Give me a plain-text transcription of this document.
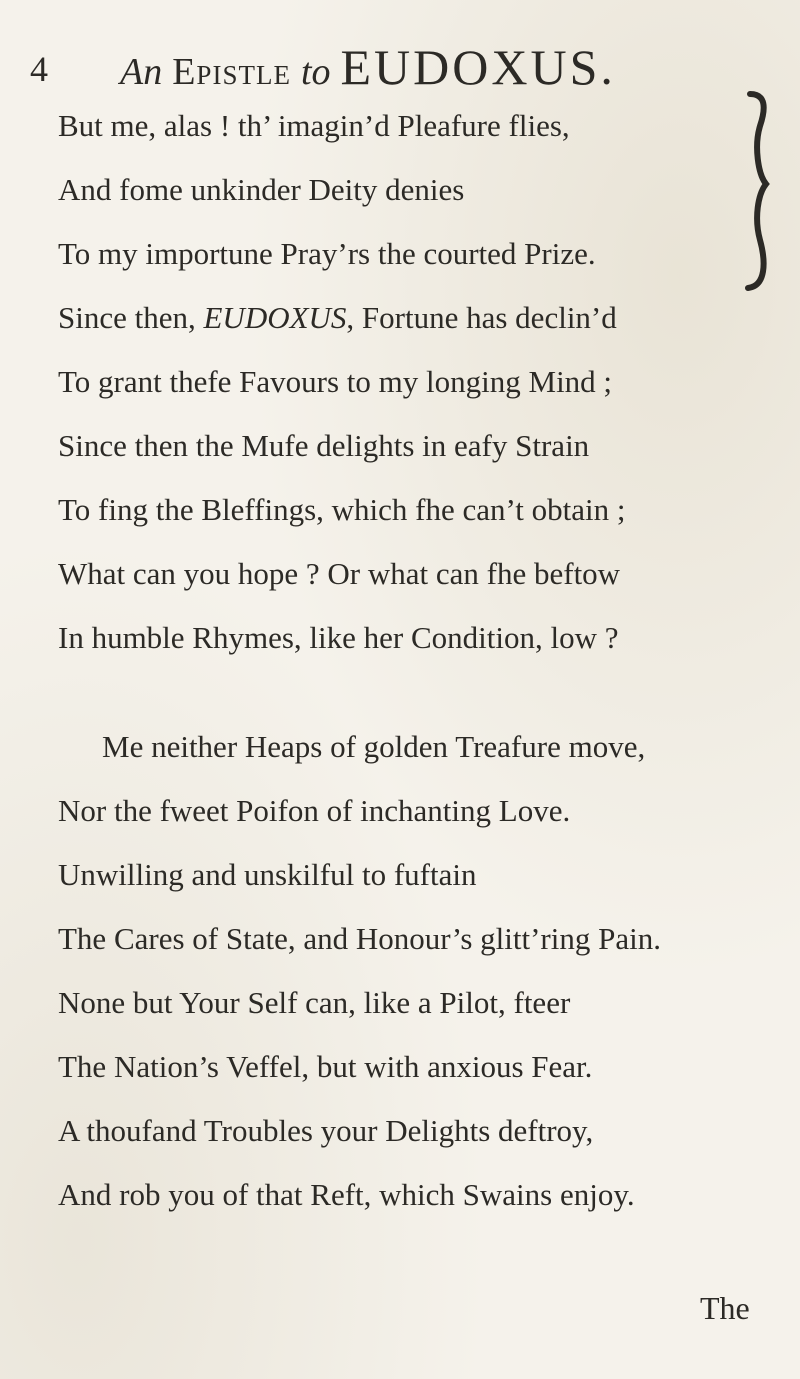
4 An Epistle to EUDOXUS.
But me, alas ! th’ imagin’d Pleafure flies,
And fome unkinder Deity denies
To my importune Pray’rs the courted Prize.
Since then, EUDOXUS, Fortune has declin’d
To grant thefe Favours to my longing Mind ;
Since then the Mufe delights in eafy Strain
To fing the Bleffings, which fhe can’t obtain ;
What can you hope ? Or what can fhe beftow
In humble Rhymes, like her Condition, low ?
Me neither Heaps of golden Treafure move,
Nor the fweet Poifon of inchanting Love.
Unwilling and unskilful to fuftain
The Cares of State, and Honour’s glitt’ring Pain.
None but Your Self can, like a Pilot, fteer
The Nation’s Veffel, but with anxious Fear.
A thoufand Troubles your Delights deftroy,
And rob you of that Reft, which Swains enjoy.
The
